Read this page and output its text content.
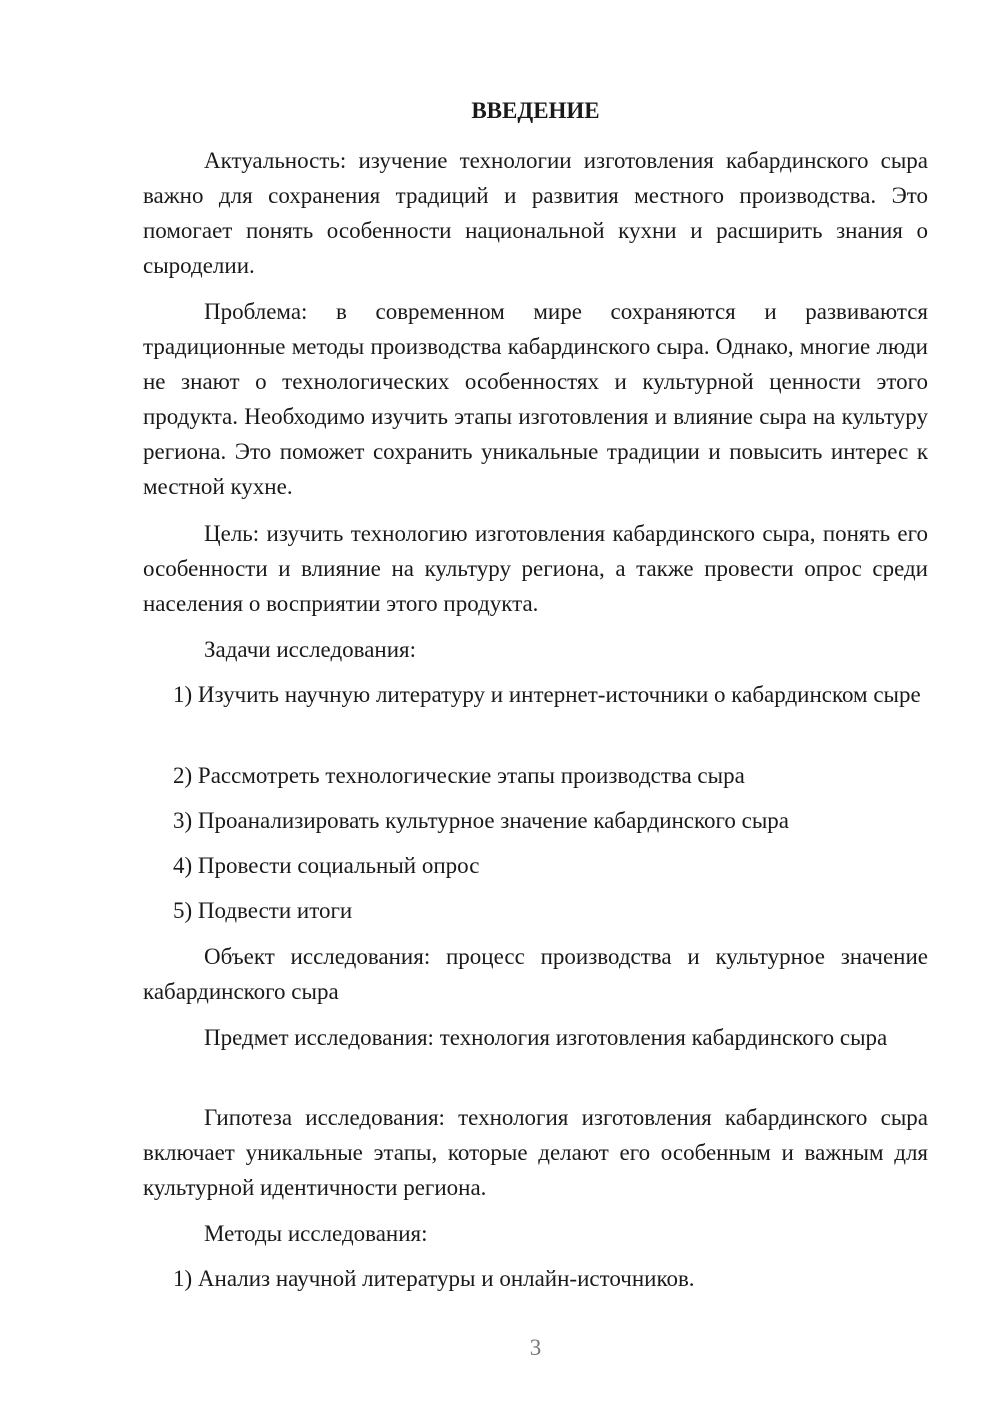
ВВЕДЕНИЕ

Актуальность: изучение технологии изготовления кабардинского сыра важно для сохранения традиций и развития местного производства. Это помогает понять особенности национальной кухни и расширить знания о сыроделии.

Проблема: в современном мире сохраняются и развиваются традиционные методы производства кабардинского сыра. Однако, многие люди не знают о технологических особенностях и культурной ценности этого продукта. Необходимо изучить этапы изготовления и влияние сыра на культуру региона. Это поможет сохранить уникальные традиции и повысить интерес к местной кухне.

Цель: изучить технологию изготовления кабардинского сыра, понять его особенности и влияние на культуру региона, а также провести опрос среди населения о восприятии этого продукта.

Задачи исследования:

1) Изучить научную литературу и интернет-источники о кабардинском сыре

2) Рассмотреть технологические этапы производства сыра

3) Проанализировать культурное значение кабардинского сыра

4) Провести социальный опрос

5) Подвести итоги

Объект исследования: процесс производства и культурное значение кабардинского сыра

Предмет исследования: технология изготовления кабардинского сыра

Гипотеза исследования: технология изготовления кабардинского сыра включает уникальные этапы, которые делают его особенным и важным для культурной идентичности региона.

Методы исследования:

1) Анализ научной литературы и онлайн-источников.

3
